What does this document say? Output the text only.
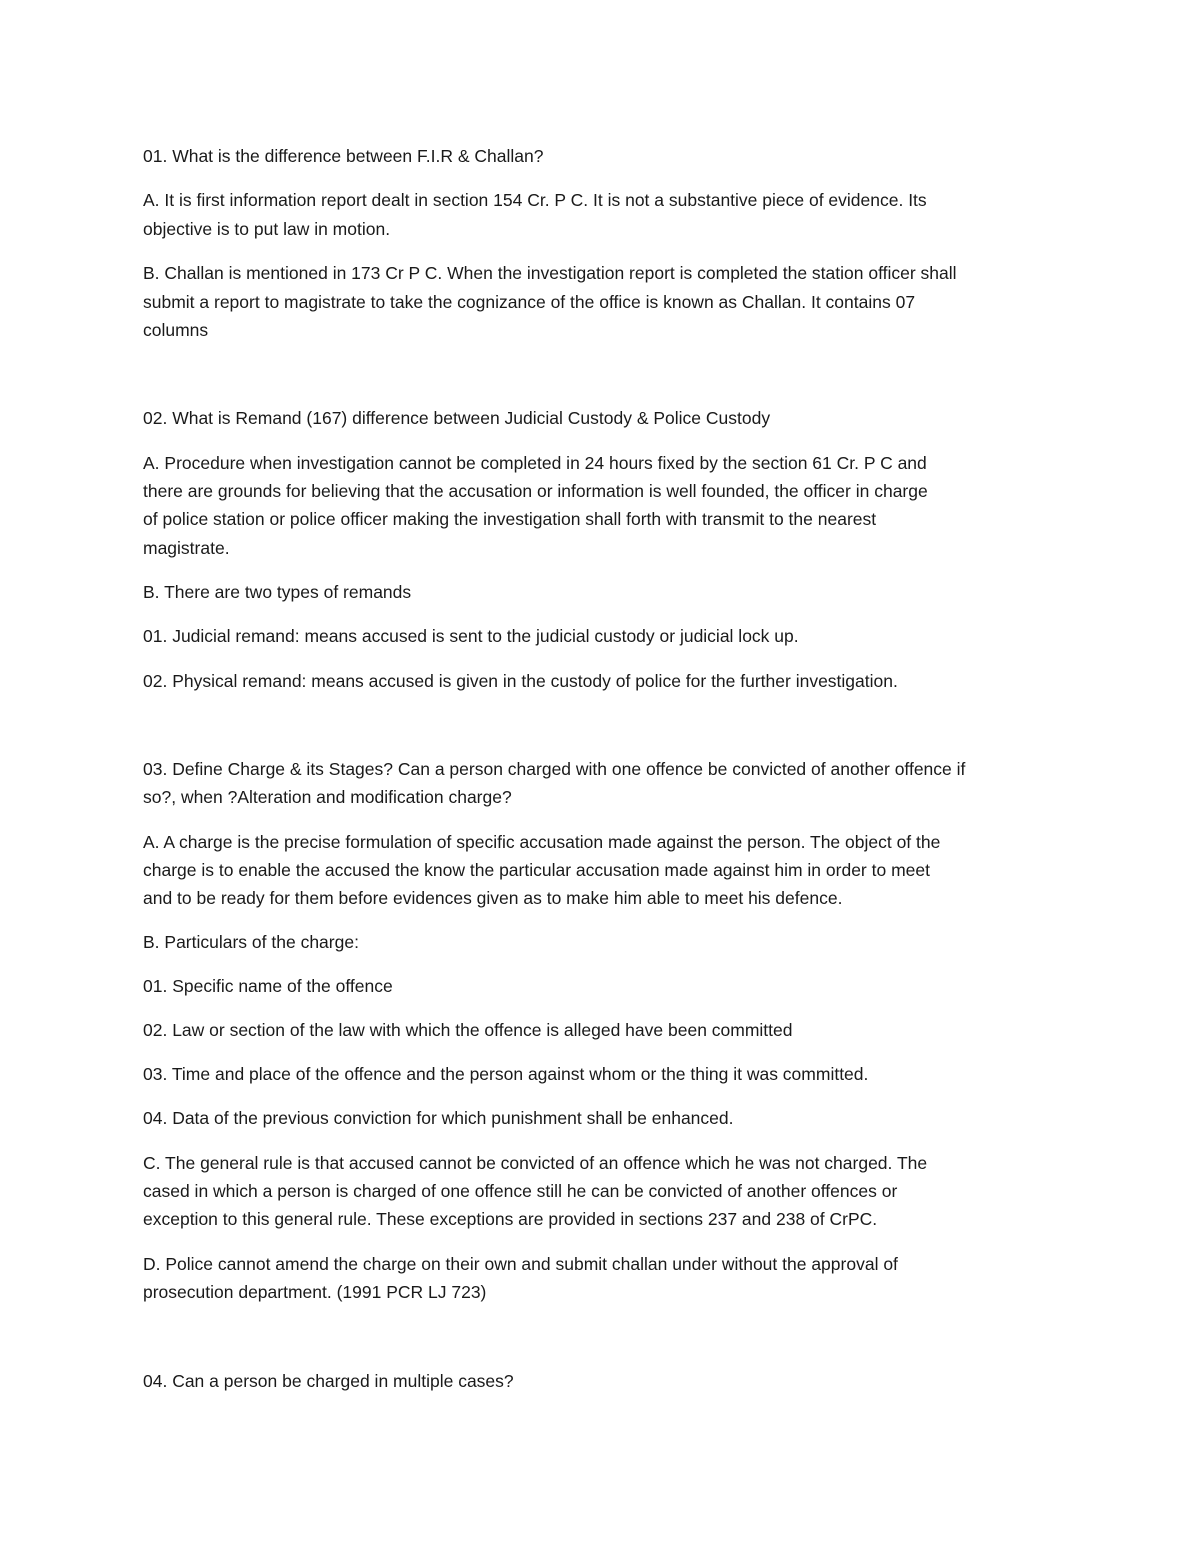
01. What is the difference between F.I.R & Challan?

A. It is first information report dealt in section 154 Cr. P C. It is not a substantive piece of evidence. Its

objective is to put law in motion.

B. Challan is mentioned in 173 Cr P C. When the investigation report is completed the station officer shall

submit a report to magistrate to take the cognizance of the office is known as Challan. It contains 07

columns

02. What is Remand (167) difference between Judicial Custody & Police Custody

A. Procedure when investigation cannot be completed in 24 hours fixed by the section 61 Cr. P C and

there are grounds for believing that the accusation or information is well founded, the officer in charge

of police station or police officer making the investigation shall forth with transmit to the nearest

magistrate.

B. There are two types of remands

01. Judicial remand: means accused is sent to the judicial custody or judicial lock up.

02. Physical remand: means accused is given in the custody of police for the further investigation.

03. Define Charge & its Stages? Can a person charged with one offence be convicted of another offence if

so?, when ?Alteration and modification charge?

A. A charge is the precise formulation of specific accusation made against the person. The object of the

charge is to enable the accused the know the particular accusation made against him in order to meet

and to be ready for them before evidences given as to make him able to meet his defence.

B. Particulars of the charge:

01. Specific name of the offence

02. Law or section of the law with which the offence is alleged have been committed

03. Time and place of the offence and the person against whom or the thing it was committed.

04. Data of the previous conviction for which punishment shall be enhanced.

C. The general rule is that accused cannot be convicted of an offence which he was not charged. The

cased in which a person is charged of one offence still he can be convicted of another offences or

exception to this general rule. These exceptions are provided in sections 237 and 238 of CrPC.

D. Police cannot amend the charge on their own and submit challan under without the approval of

prosecution department. (1991 PCR LJ 723)

04. Can a person be charged in multiple cases?
